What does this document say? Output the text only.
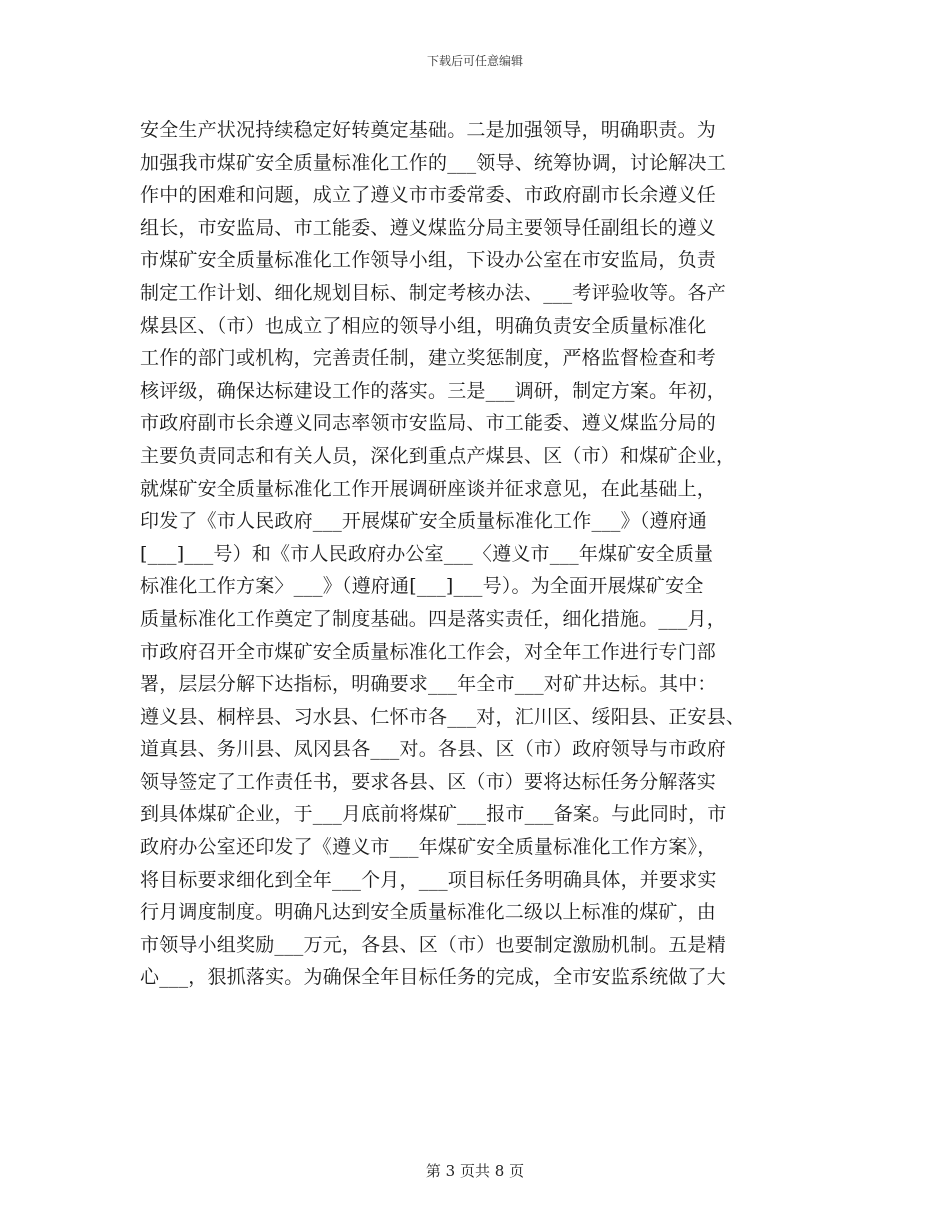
下载后可任意编辑
安全生产状况持续稳定好转奠定基础。二是加强领导，明确职责。为
加强我市煤矿安全质量标准化工作的___领导、统筹协调，讨论解决工
作中的困难和问题，成立了遵义市市委常委、市政府副市长余遵义任
组长，市安监局、市工能委、遵义煤监分局主要领导任副组长的遵义
市煤矿安全质量标准化工作领导小组，下设办公室在市安监局，负责
制定工作计划、细化规划目标、制定考核办法、___考评验收等。各产
煤县区、（市）也成立了相应的领导小组，明确负责安全质量标准化
工作的部门或机构，完善责任制，建立奖惩制度，严格监督检查和考
核评级，确保达标建设工作的落实。三是___调研，制定方案。年初，
市政府副市长余遵义同志率领市安监局、市工能委、遵义煤监分局的
主要负责同志和有关人员，深化到重点产煤县、区（市）和煤矿企业，
就煤矿安全质量标准化工作开展调研座谈并征求意见，在此基础上，
印发了《市人民政府___开展煤矿安全质量标准化工作___》（遵府通
[___]___号）和《市人民政府办公室___〈遵义市___年煤矿安全质量
标准化工作方案〉___》（遵府通[___]___号）。为全面开展煤矿安全
质量标准化工作奠定了制度基础。四是落实责任，细化措施。___月，
市政府召开全市煤矿安全质量标准化工作会，对全年工作进行专门部
署，层层分解下达指标，明确要求___年全市___对矿井达标。其中：
遵义县、桐梓县、习水县、仁怀市各___对，汇川区、绥阳县、正安县、
道真县、务川县、凤冈县各___对。各县、区（市）政府领导与市政府
领导签定了工作责任书，要求各县、区（市）要将达标任务分解落实
到具体煤矿企业，于___月底前将煤矿___报市___备案。与此同时，市
政府办公室还印发了《遵义市___年煤矿安全质量标准化工作方案》，
将目标要求细化到全年___个月，___项目标任务明确具体，并要求实
行月调度制度。明确凡达到安全质量标准化二级以上标准的煤矿，由
市领导小组奖励___万元，各县、区（市）也要制定激励机制。五是精
心___，狠抓落实。为确保全年目标任务的完成，全市安监系统做了大
第 3 页共 8 页
